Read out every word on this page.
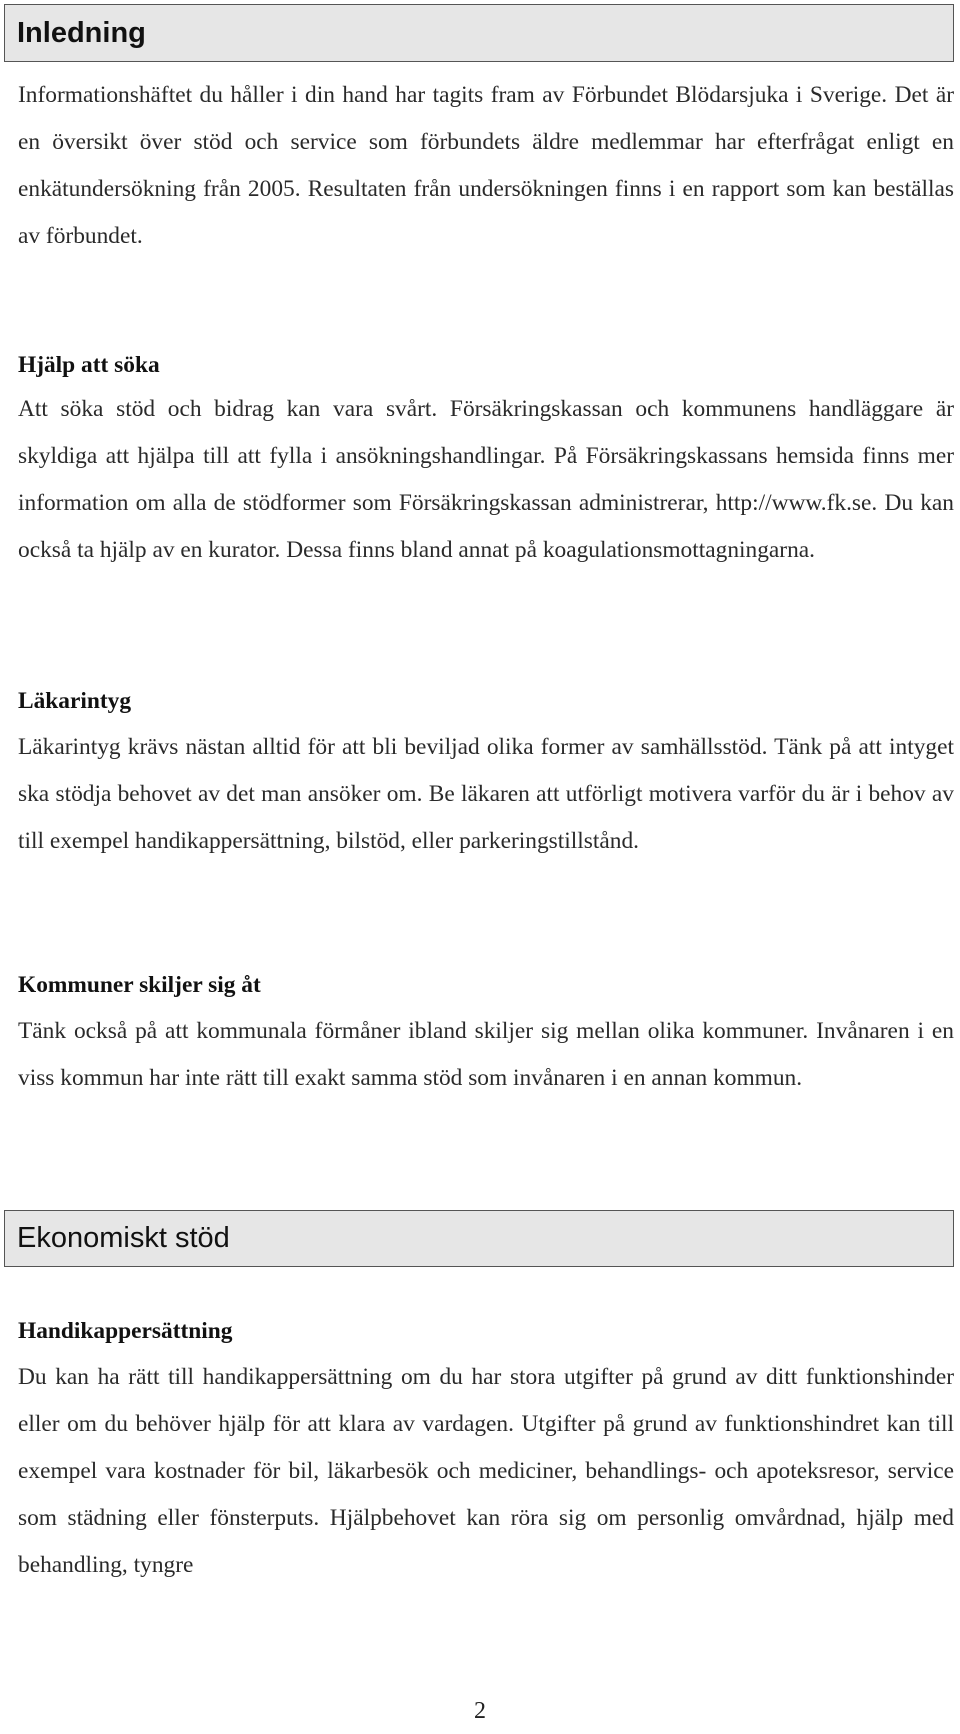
Inledning

Informationshäftet du håller i din hand har tagits fram av Förbundet Blödarsjuka i Sverige. Det är en översikt över stöd och service som förbundets äldre medlemmar har efterfrågat enligt en enkätundersökning från 2005. Resultaten från undersökningen finns i en rapport som kan beställas av förbundet.

Hjälp att söka

Att söka stöd och bidrag kan vara svårt. Försäkringskassan och kommunens handläggare är skyldiga att hjälpa till att fylla i ansökningshandlingar. På Försäkringskassans hemsida finns mer information om alla de stödformer som Försäkringskassan administrerar, http://www.fk.se. Du kan också ta hjälp av en kurator. Dessa finns bland annat på koagulationsmottagningarna.

Läkarintyg

Läkarintyg krävs nästan alltid för att bli beviljad olika former av samhällsstöd. Tänk på att intyget ska stödja behovet av det man ansöker om. Be läkaren att utförligt motivera varför du är i behov av till exempel handikappersättning, bilstöd, eller parkeringstillstånd.

Kommuner skiljer sig åt

Tänk också på att kommunala förmåner ibland skiljer sig mellan olika kommuner. Invånaren i en viss kommun har inte rätt till exakt samma stöd som invånaren i en annan kommun.

Ekonomiskt stöd
Handikappersättning

Du kan ha rätt till handikappersättning om du har stora utgifter på grund av ditt funktionshinder eller om du behöver hjälp för att klara av vardagen. Utgifter på grund av funktionshindret kan till exempel vara kostnader för bil, läkarbesök och mediciner, behandlings- och apoteksresor, service som städning eller fönsterputs. Hjälpbehovet kan röra sig om personlig omvårdnad, hjälp med behandling, tyngre

2
